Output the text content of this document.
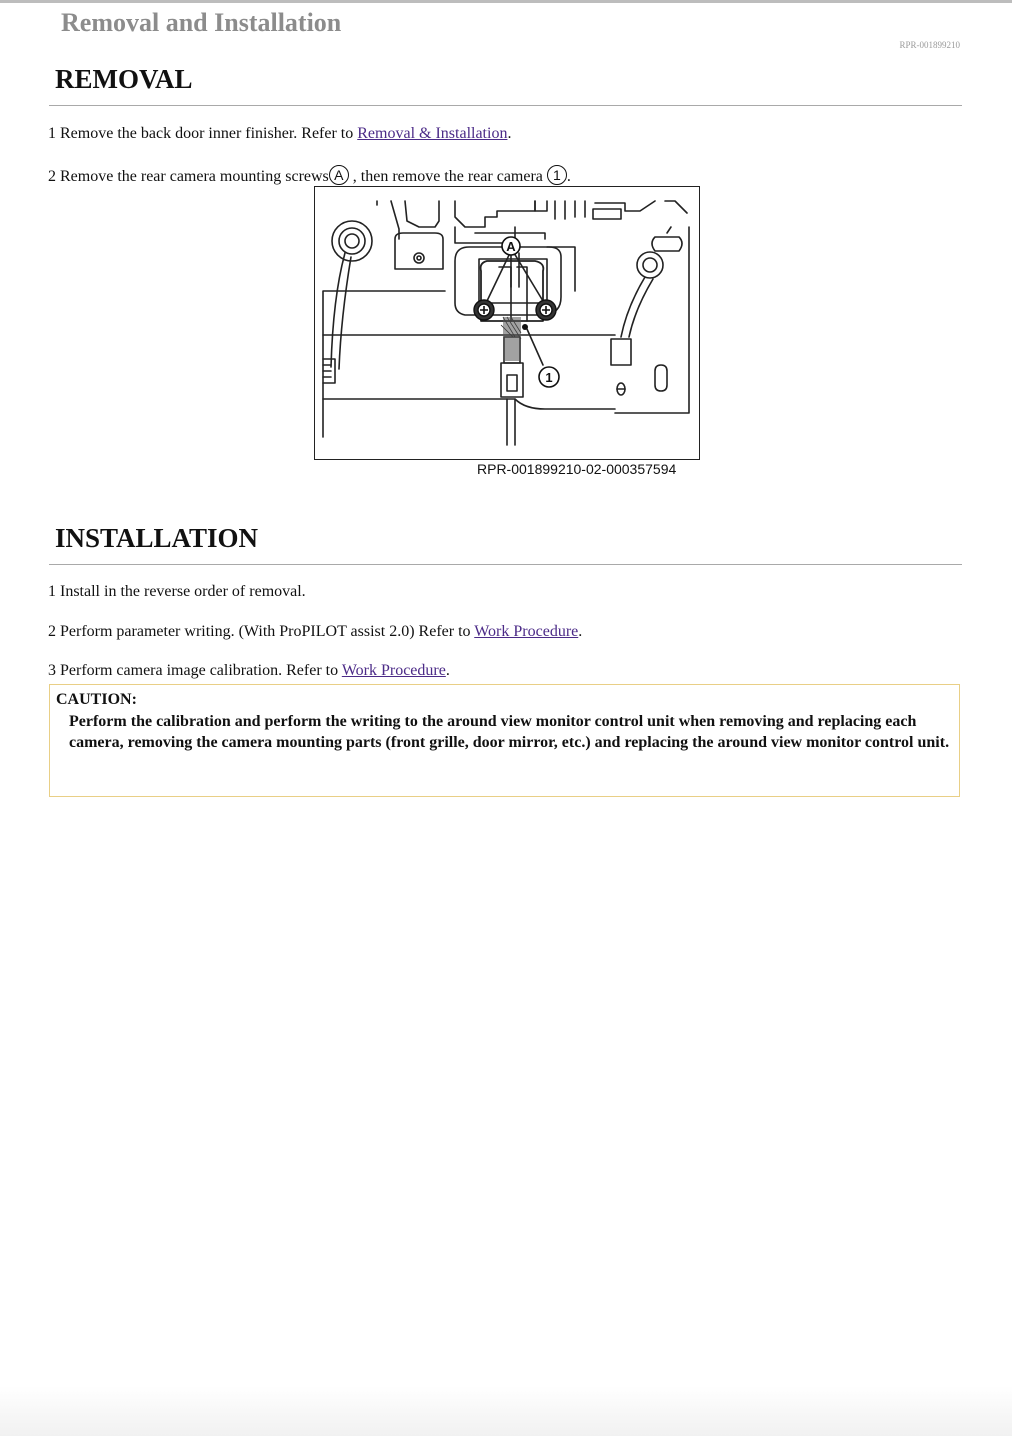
Removal and Installation
RPR-001899210
REMOVAL
1 Remove the back door inner finisher. Refer to Removal & Installation.
2 Remove the rear camera mounting screws A , then remove the rear camera 1 .
A
1
RPR-001899210-02-000357594
INSTALLATION
1 Install in the reverse order of removal.
2 Perform parameter writing. (With ProPILOT assist 2.0) Refer to Work Procedure.
3 Perform camera image calibration. Refer to Work Procedure.
CAUTION:
Perform the calibration and perform the writing to the around view monitor control unit when removing and replacing each camera, removing the camera mounting parts (front grille, door mirror, etc.) and replacing the around view monitor control unit.
